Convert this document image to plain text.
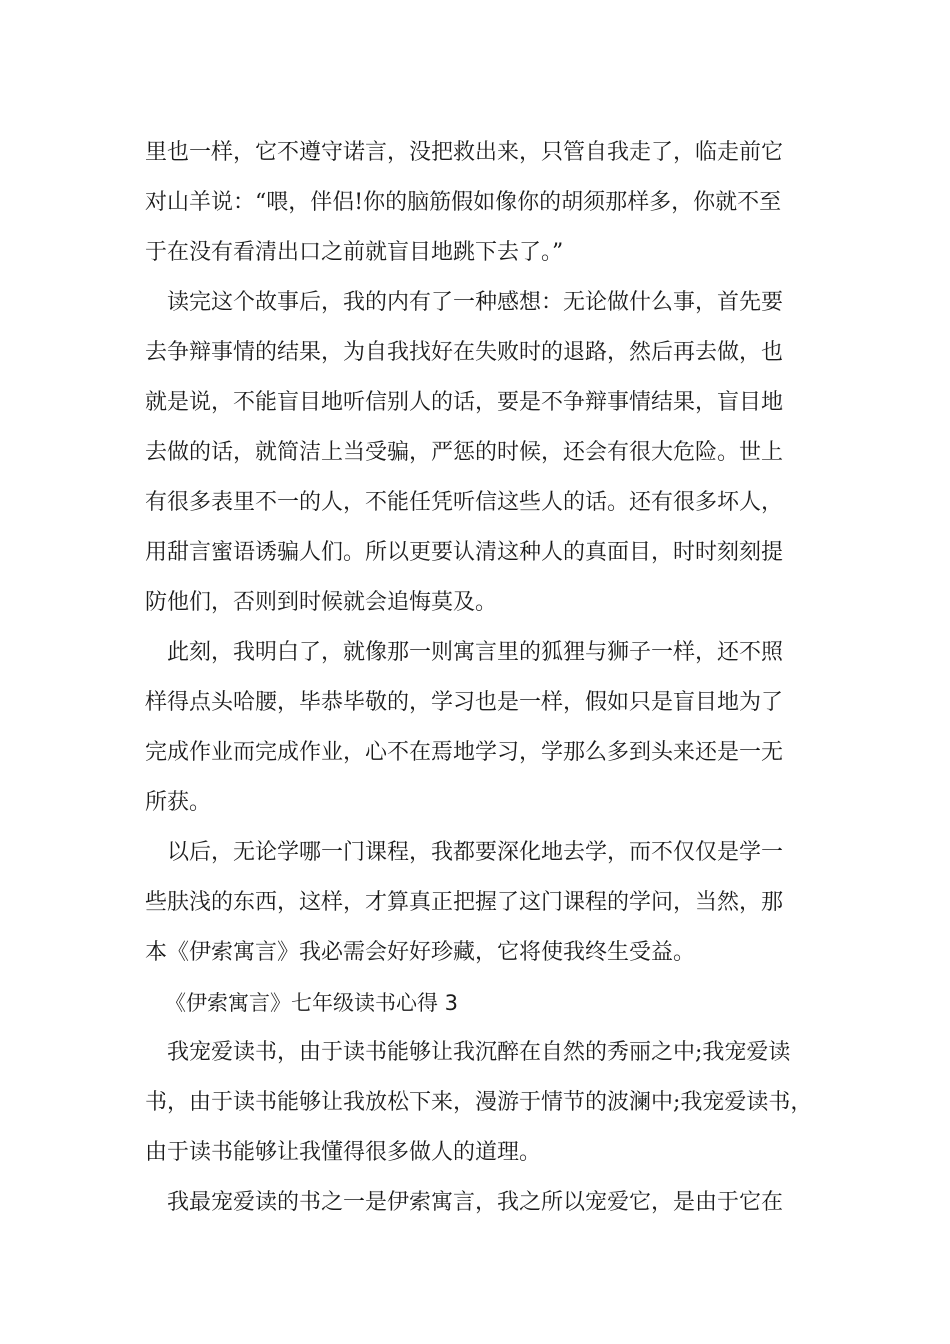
里也一样，它不遵守诺言，没把救出来，只管自我走了，临走前它
对山羊说：“喂，伴侣!你的脑筋假如像你的胡须那样多，你就不至
于在没有看清出口之前就盲目地跳下去了。”
读完这个故事后，我的内有了一种感想：无论做什么事，首先要
去争辩事情的结果，为自我找好在失败时的退路，然后再去做，也
就是说，不能盲目地听信别人的话，要是不争辩事情结果，盲目地
去做的话，就简洁上当受骗，严惩的时候，还会有很大危险。世上
有很多表里不一的人，不能任凭听信这些人的话。还有很多坏人，
用甜言蜜语诱骗人们。所以更要认清这种人的真面目，时时刻刻提
防他们，否则到时候就会追悔莫及。
此刻，我明白了，就像那一则寓言里的狐狸与狮子一样，还不照
样得点头哈腰，毕恭毕敬的，学习也是一样，假如只是盲目地为了
完成作业而完成作业，心不在焉地学习，学那么多到头来还是一无
所获。
以后，无论学哪一门课程，我都要深化地去学，而不仅仅是学一
些肤浅的东西，这样，才算真正把握了这门课程的学问，当然，那
本《伊索寓言》我必需会好好珍藏，它将使我终生受益。
《伊索寓言》七年级读书心得 3
我宠爱读书，由于读书能够让我沉醉在自然的秀丽之中;我宠爱读
书，由于读书能够让我放松下来，漫游于情节的波澜中;我宠爱读书，
由于读书能够让我懂得很多做人的道理。
我最宠爱读的书之一是伊索寓言，我之所以宠爱它，是由于它在
